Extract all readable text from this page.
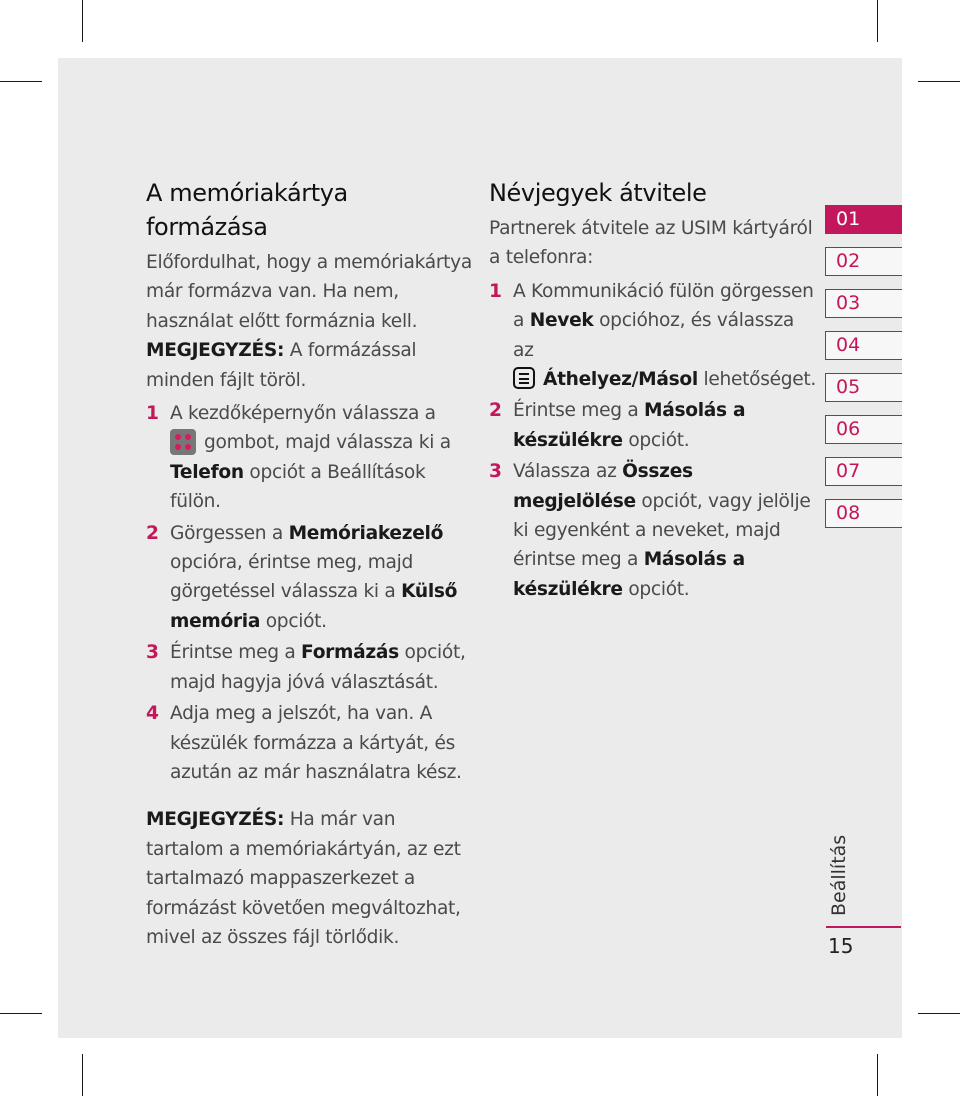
A memóriakártya formázása

Előfordulhat, hogy a memóriakártya már formázva van. Ha nem, használat előtt formáznia kell.

MEGJEGYZÉS: A formázással minden fájlt töröl.

1 A kezdőképernyőn válassza a

gombot, majd válassza ki a Telefon opciót a Beállítások fülön.
2 Görgessen a Memóriakezelő opcióra, érintse meg, majd görgetéssel válassza ki a Külső memória opciót.
3 Érintse meg a Formázás opciót, majd hagyja jóvá választását.
4 Adja meg a jelszót, ha van. A készülék formázza a kártyát, és azután az már használatra kész.

MEGJEGYZÉS: Ha már van tartalom a memóriakártyán, az ezt tartalmazó mappaszerkezet a formázást követően megváltozhat, mivel az összes fájl törlődik.

Névjegyek átvitele

Partnerek átvitele az USIM kártyáról a telefonra:

1 A Kommunikáció fülön görgessen a Nevek opcióhoz, és válassza az

Áthelyez/Másol lehetőséget.
2 Érintse meg a Másolás a készülékre opciót.
3 Válassza az Összes megjelölése opciót, vagy jelölje ki egyenként a neveket, majd érintse meg a Másolás a készülékre opciót.
01
02
03
04
05
06
07
08
Beállítás
15
